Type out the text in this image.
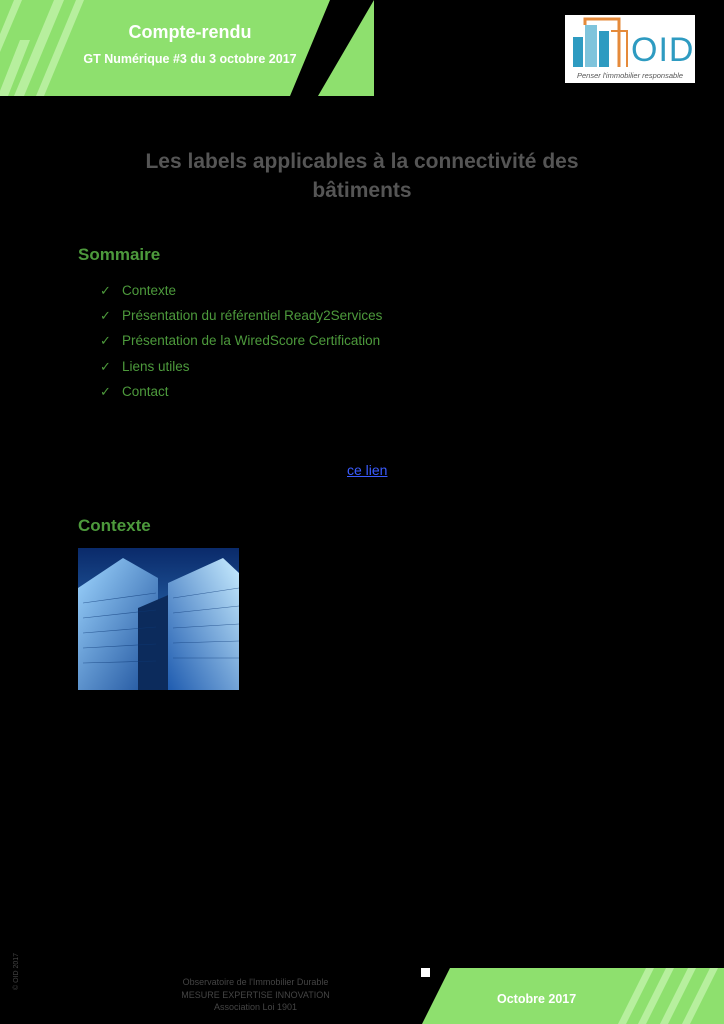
Compte-rendu
GT Numérique #3 du 3 octobre 2017	OID
Penser l'immobilier responsable
Les labels applicables à la connectivité des bâtiments
Sommaire
✓ Contexte
✓ Présentation du référentiel Ready2Services
✓ Présentation de la WiredScore Certification
✓ Liens utiles
✓ Contact
ce lien
Contexte
© OID 2017	Observatoire de l'Immobilier Durable
MESURE EXPERTISE INNOVATION
Association Loi 1901
Octobre 2017
